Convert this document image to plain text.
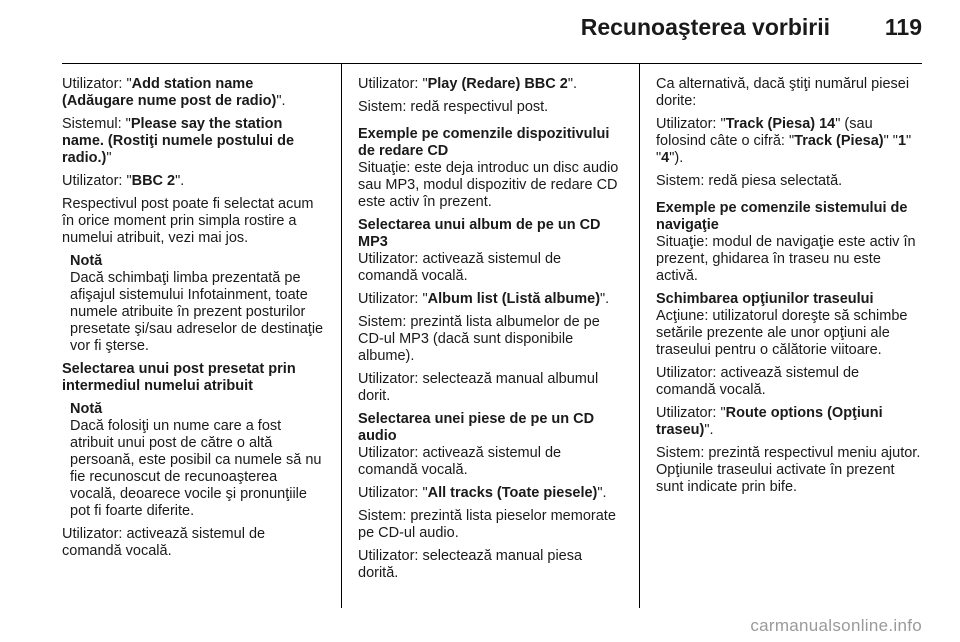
Recunoaşterea vorbirii 119

Utilizator: "Add station name (Adăugare nume post de radio)".

Sistemul: "Please say the station name. (Rostiţi numele postului de radio.)"

Utilizator: "BBC 2".

Respectivul post poate fi selectat acum în orice moment prin simpla rostire a numelui atribuit, vezi mai jos.

Notă
Dacă schimbaţi limba prezentată pe afişajul sistemului Infotainment, toate numele atribuite în prezent posturilor presetate şi/sau adreselor de destinaţie vor fi şterse.

Selectarea unui post presetat prin intermediul numelui atribuit

Notă
Dacă folosiţi un nume care a fost atribuit unui post de către o altă persoană, este posibil ca numele să nu fie recunoscut de recunoaşterea vocală, deoarece vocile şi pronunţiile pot fi foarte diferite.

Utilizator: activează sistemul de comandă vocală.

Utilizator: "Play (Redare) BBC 2".

Sistem: redă respectivul post.

Exemple pe comenzile dispozitivului de redare CD

Situaţie: este deja introduc un disc audio sau MP3, modul dispozitiv de redare CD este activ în prezent.

Selectarea unui album de pe un CD MP3

Utilizator: activează sistemul de comandă vocală.

Utilizator: "Album list (Listă albume)".

Sistem: prezintă lista albumelor de pe CD-ul MP3 (dacă sunt disponibile albume).

Utilizator: selectează manual albumul dorit.

Selectarea unei piese de pe un CD audio

Utilizator: activează sistemul de comandă vocală.

Utilizator: "All tracks (Toate piesele)".

Sistem: prezintă lista pieselor memorate pe CD-ul audio.

Utilizator: selectează manual piesa dorită.

Ca alternativă, dacă ştiţi numărul piesei dorite:

Utilizator: "Track (Piesa) 14" (sau folosind câte o cifră: "Track (Piesa)" "1" "4").

Sistem: redă piesa selectată.

Exemple pe comenzile sistemului de navigaţie

Situaţie: modul de navigaţie este activ în prezent, ghidarea în traseu nu este activă.

Schimbarea opţiunilor traseului

Acţiune: utilizatorul doreşte să schimbe setările prezente ale unor opţiuni ale traseului pentru o călătorie viitoare.

Utilizator: activează sistemul de comandă vocală.

Utilizator: "Route options (Opţiuni traseu)".

Sistem: prezintă respectivul meniu ajutor. Opţiunile traseului activate în prezent sunt indicate prin bife.

carmanualsonline.info
